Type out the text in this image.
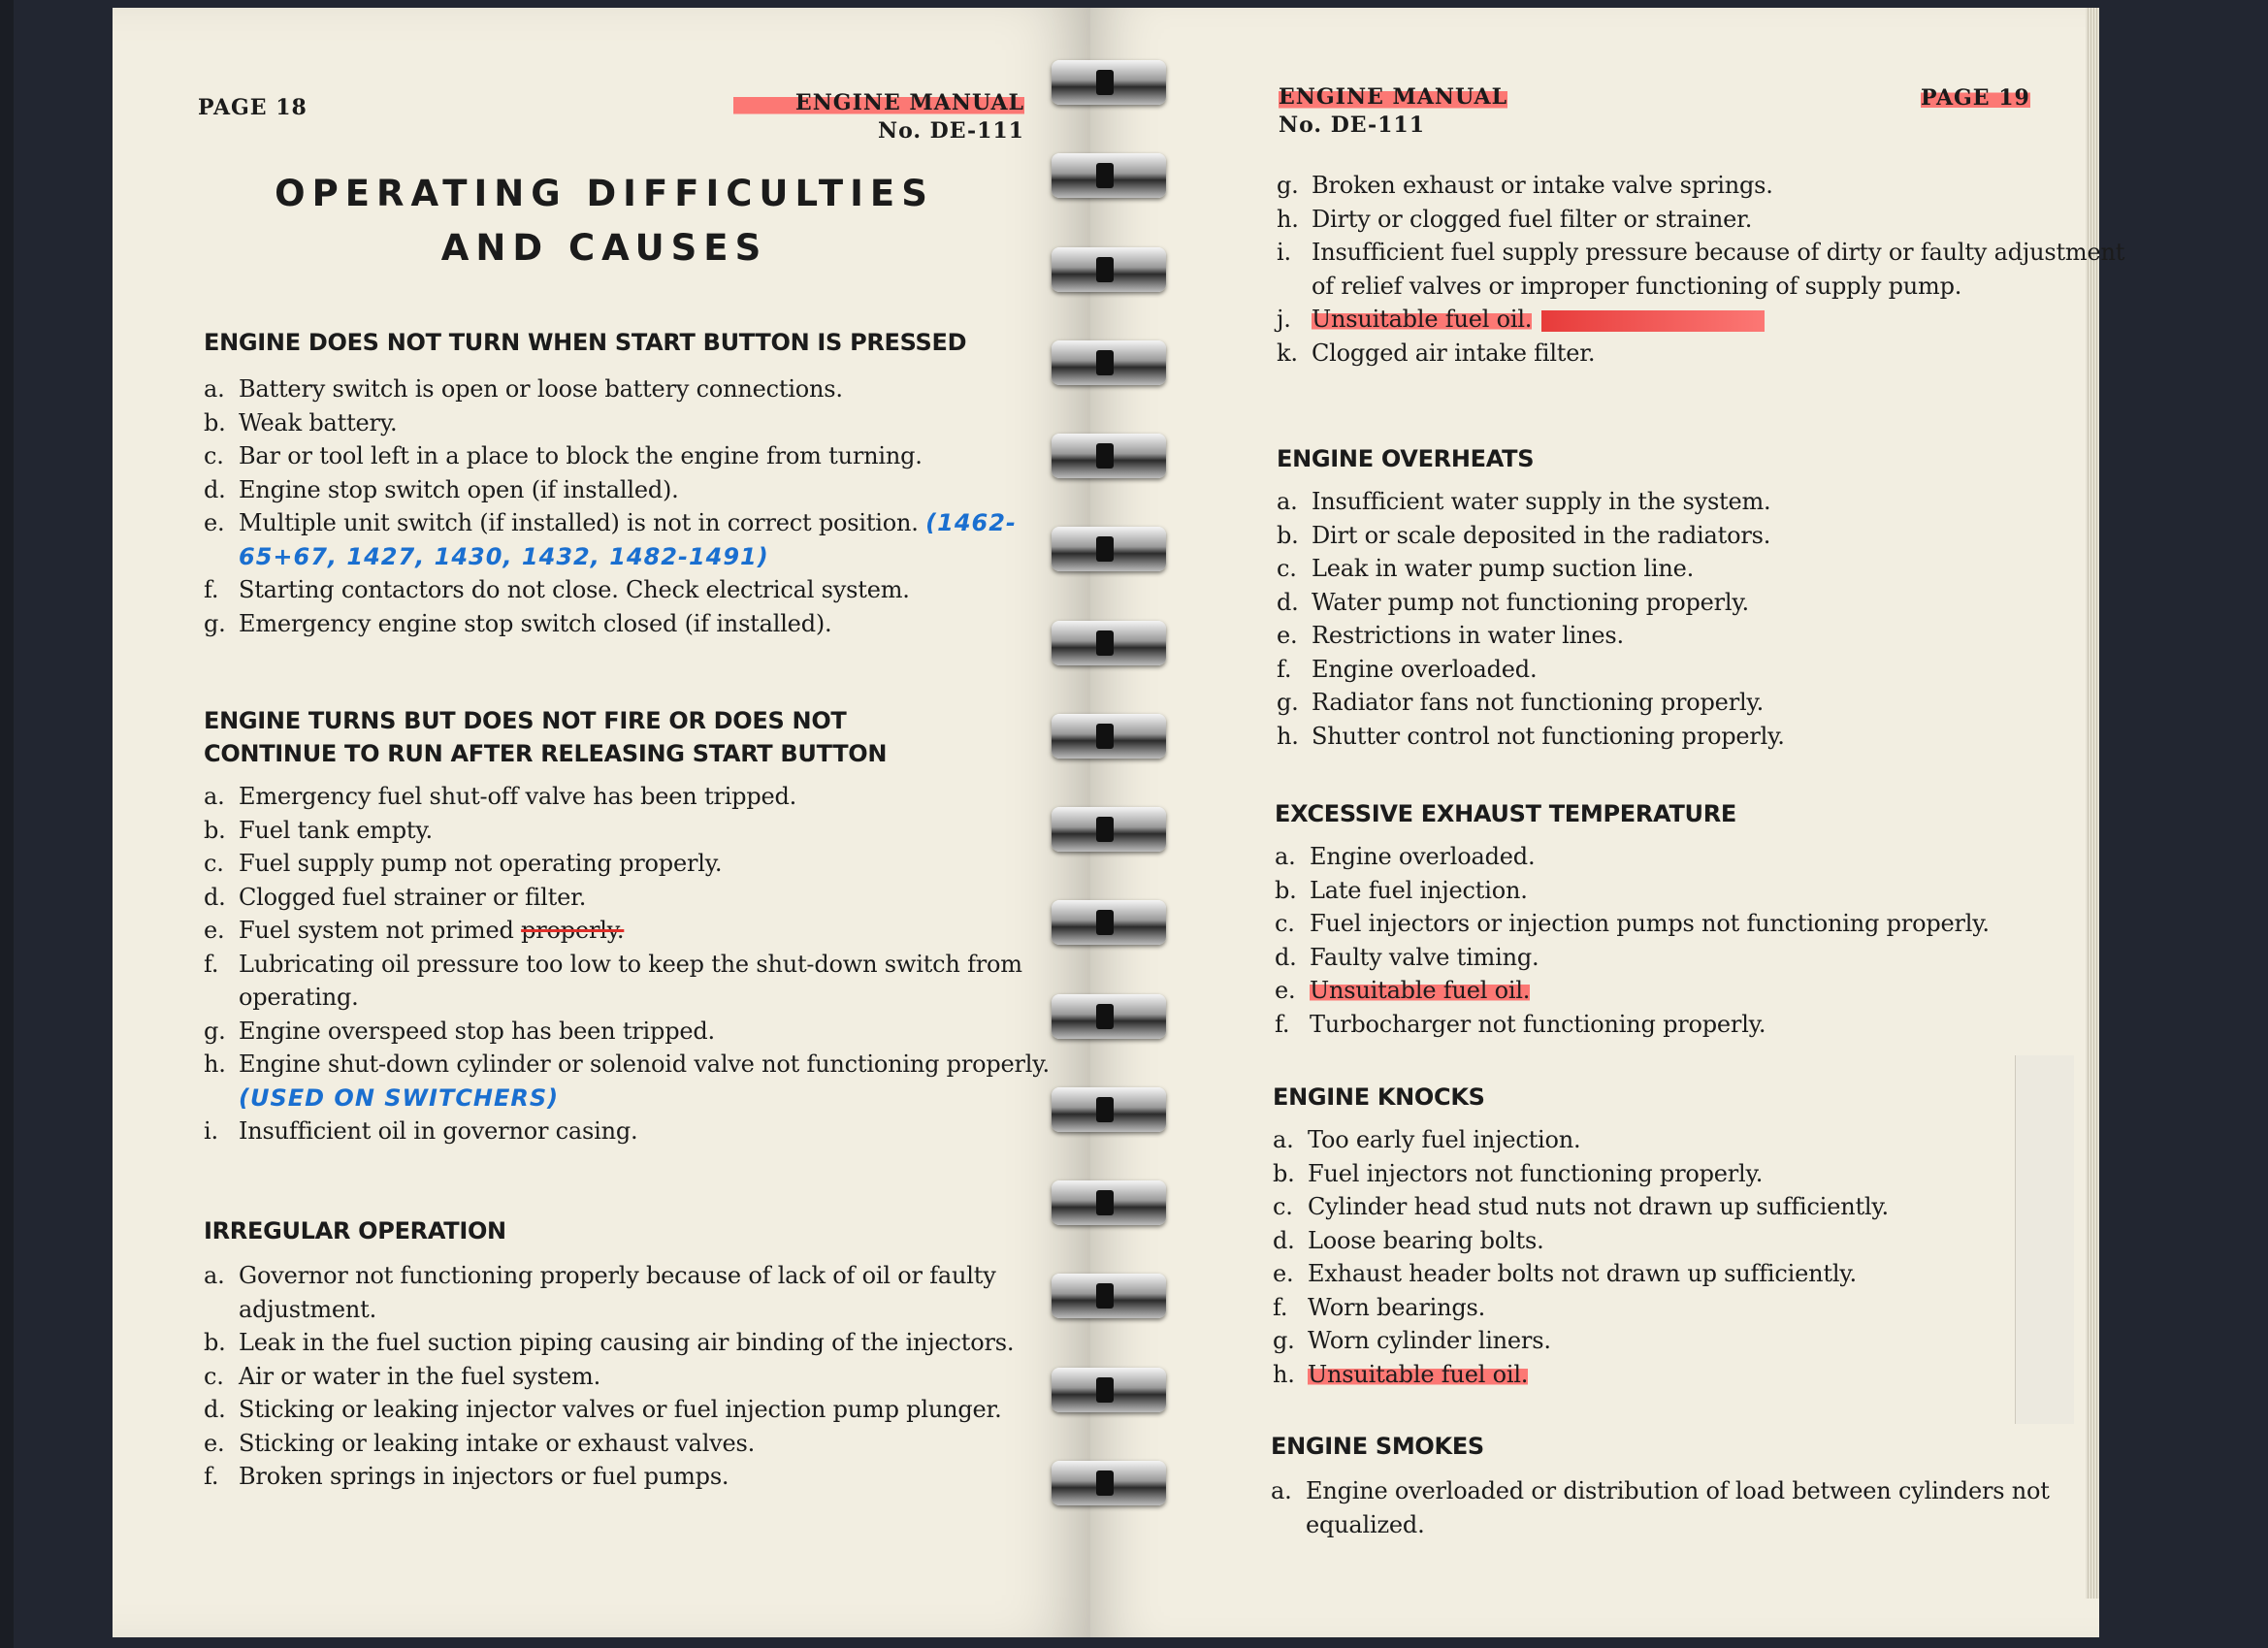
PAGE 18	ENGINE MANUAL
No. DE-111
OPERATING DIFFICULTIES
AND CAUSES
ENGINE DOES NOT TURN WHEN START BUTTON IS PRESSED
a. Battery switch is open or loose battery connections.
b. Weak battery.
c. Bar or tool left in a place to block the engine from turning.
d. Engine stop switch open (if installed).
e. Multiple unit switch (if installed) is not in correct position. (1462-65+67, 1427, 1430, 1432, 1482-1491)
f. Starting contactors do not close. Check electrical system.
g. Emergency engine stop switch closed (if installed).
ENGINE TURNS BUT DOES NOT FIRE OR DOES NOT
CONTINUE TO RUN AFTER RELEASING START BUTTON
a. Emergency fuel shut-off valve has been tripped.
b. Fuel tank empty.
c. Fuel supply pump not operating properly.
d. Clogged fuel strainer or filter.
e. Fuel system not primed properly.
f. Lubricating oil pressure too low to keep the shut-down switch from operating.
g. Engine overspeed stop has been tripped.
h. Engine shut-down cylinder or solenoid valve not functioning properly. (USED ON SWITCHERS)
i. Insufficient oil in governor casing.
IRREGULAR OPERATION
a. Governor not functioning properly because of lack of oil or faulty adjustment.
b. Leak in the fuel suction piping causing air binding of the injectors.
c. Air or water in the fuel system.
d. Sticking or leaking injector valves or fuel injection pump plunger.
e. Sticking or leaking intake or exhaust valves.
f. Broken springs in injectors or fuel pumps.
ENGINE MANUAL
No. DE-111
PAGE 19
g. Broken exhaust or intake valve springs.
h. Dirty or clogged fuel filter or strainer.
i. Insufficient fuel supply pressure because of dirty or faulty adjustment of relief valves or improper functioning of supply pump.
j. Unsuitable fuel oil.
k. Clogged air intake filter.
ENGINE OVERHEATS
a. Insufficient water supply in the system.
b. Dirt or scale deposited in the radiators.
c. Leak in water pump suction line.
d. Water pump not functioning properly.
e. Restrictions in water lines.
f. Engine overloaded.
g. Radiator fans not functioning properly.
h. Shutter control not functioning properly.
EXCESSIVE EXHAUST TEMPERATURE
a. Engine overloaded.
b. Late fuel injection.
c. Fuel injectors or injection pumps not functioning properly.
d. Faulty valve timing.
e. Unsuitable fuel oil.
f. Turbocharger not functioning properly.
ENGINE KNOCKS
a. Too early fuel injection.
b. Fuel injectors not functioning properly.
c. Cylinder head stud nuts not drawn up sufficiently.
d. Loose bearing bolts.
e. Exhaust header bolts not drawn up sufficiently.
f. Worn bearings.
g. Worn cylinder liners.
h. Unsuitable fuel oil.
ENGINE SMOKES
a. Engine overloaded or distribution of load between cylinders not equalized.
